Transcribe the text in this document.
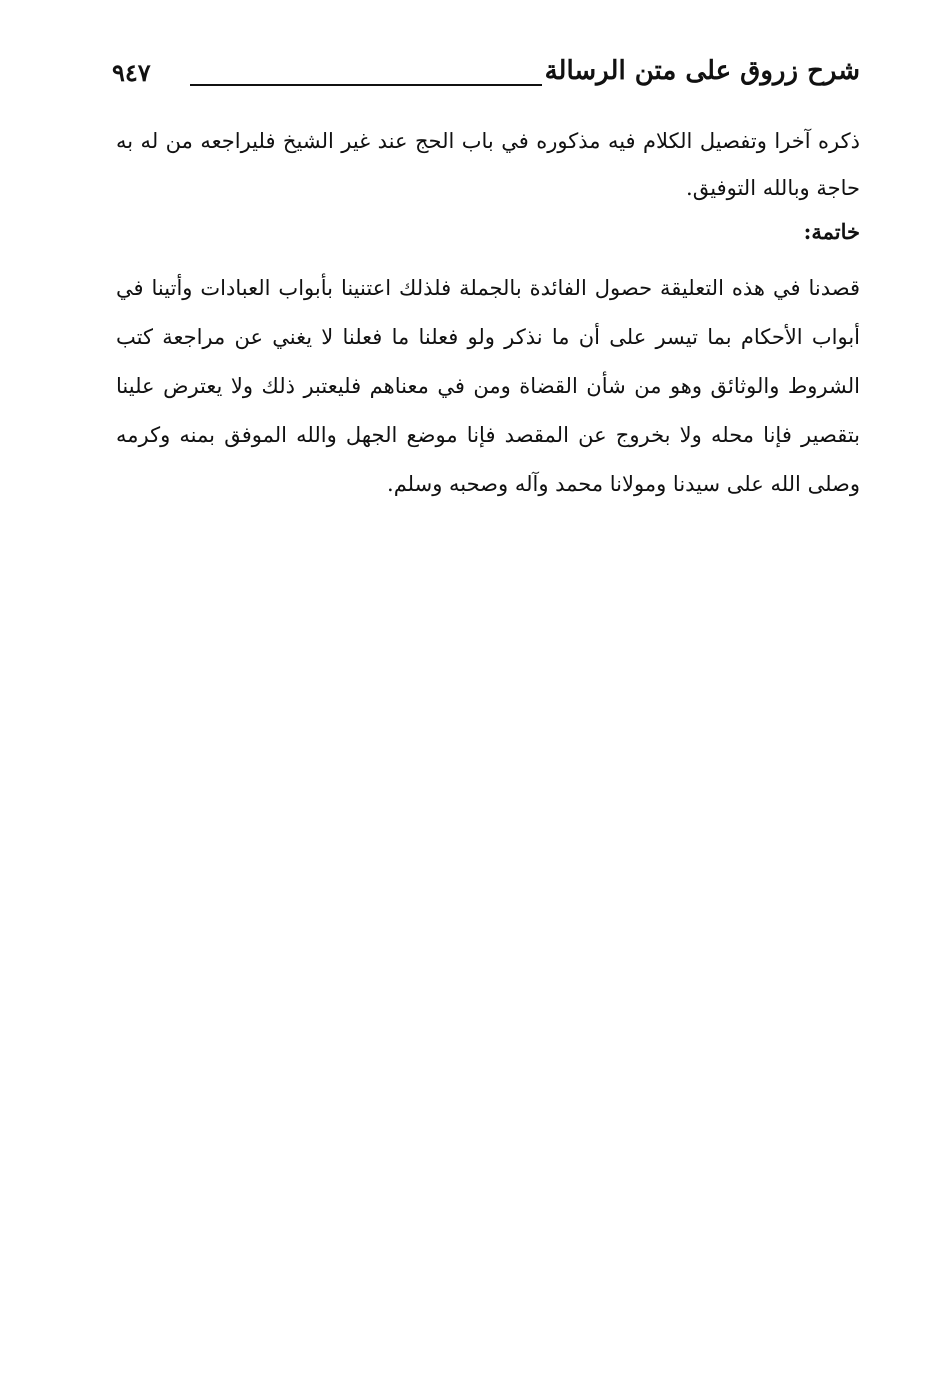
شرح زروق على متن الرسالة
٩٤٧

ذكره آخرا وتفصيل الكلام فيه مذكوره في باب الحج عند غير الشيخ فليراجعه من له به حاجة وبالله التوفيق.

خاتمة:

قصدنا في هذه التعليقة حصول الفائدة بالجملة فلذلك اعتنينا بأبواب العبادات وأتينا في أبواب الأحكام بما تيسر على أن ما نذكر ولو فعلنا ما فعلنا لا يغني عن مراجعة كتب الشروط والوثائق وهو من شأن القضاة ومن في معناهم فليعتبر ذلك ولا يعترض علينا بتقصير فإنا محله ولا بخروج عن المقصد فإنا موضع الجهل والله الموفق بمنه وكرمه وصلى الله على سيدنا ومولانا محمد وآله وصحبه وسلم.
